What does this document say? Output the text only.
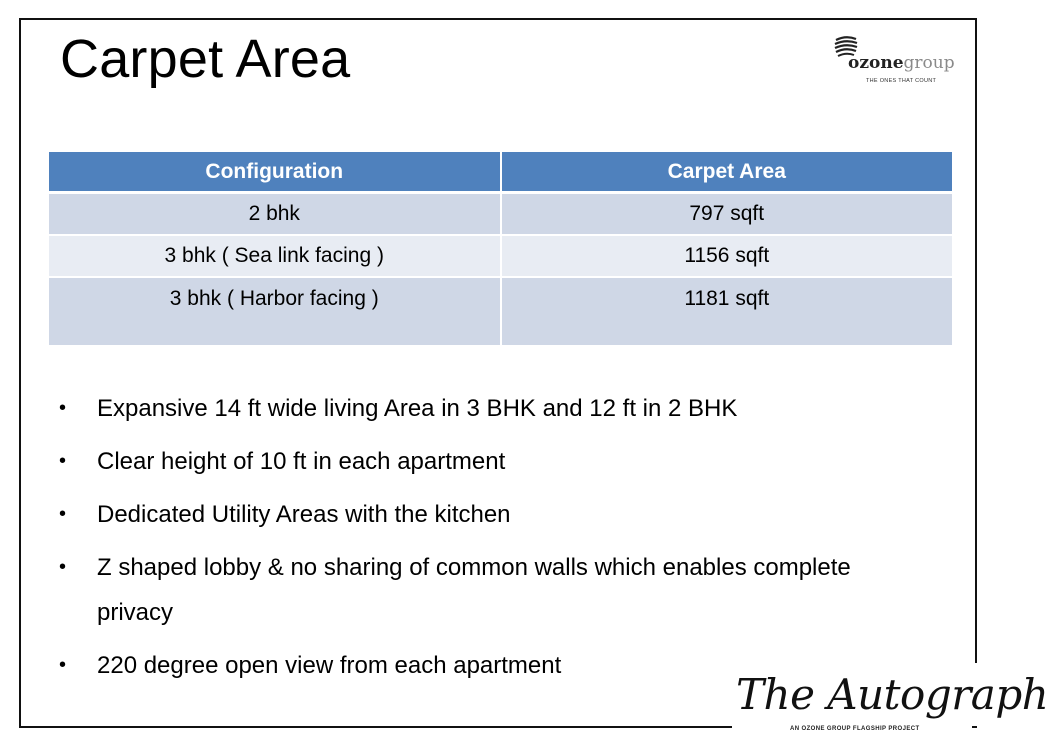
Carpet Area	ozonegroup
THE ONES THAT COUNT
Configuration	Carpet Area
2 bhk	797 sqft
3 bhk ( Sea link facing )	1156 sqft
3 bhk ( Harbor facing )	1181 sqft
• Expansive 14 ft wide living Area in 3 BHK and 12 ft in 2 BHK
• Clear height of 10 ft in each apartment
• Dedicated Utility Areas with the kitchen
• Z shaped lobby & no sharing of common walls which enables complete privacy
• 220 degree open view from each apartment
The Autograph
AN OZONE GROUP FLAGSHIP PROJECT
